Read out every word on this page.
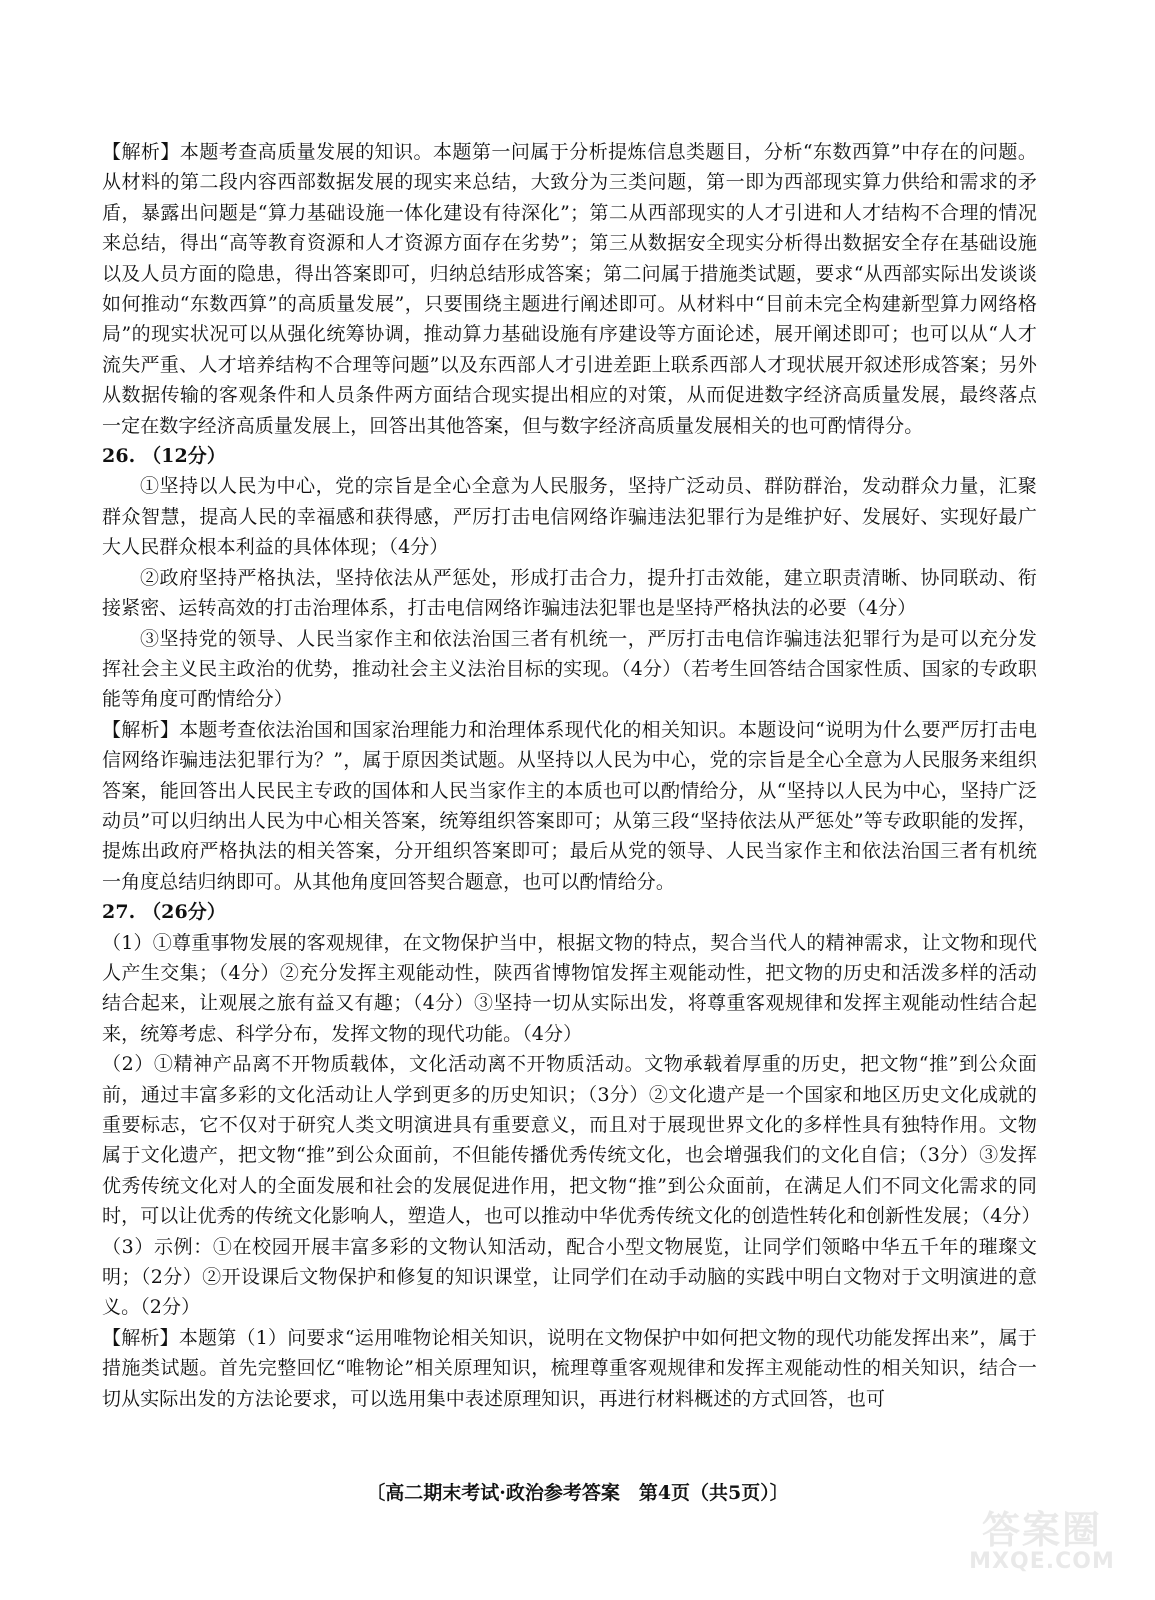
【解析】本题考查高质量发展的知识。本题第一问属于分析提炼信息类题目，分析“东数西算”中存在的问题。从材料的第二段内容西部数据发展的现实来总结，大致分为三类问题，第一即为西部现实算力供给和需求的矛盾，暴露出问题是“算力基础设施一体化建设有待深化”；第二从西部现实的人才引进和人才结构不合理的情况来总结，得出“高等教育资源和人才资源方面存在劣势”；第三从数据安全现实分析得出数据安全存在基础设施以及人员方面的隐患，得出答案即可，归纳总结形成答案；第二问属于措施类试题，要求“从西部实际出发谈谈如何推动“东数西算”的高质量发展”，只要围绕主题进行阐述即可。从材料中“目前未完全构建新型算力网络格局”的现实状况可以从强化统筹协调，推动算力基础设施有序建设等方面论述，展开阐述即可；也可以从“人才流失严重、人才培养结构不合理等问题”以及东西部人才引进差距上联系西部人才现状展开叙述形成答案；另外从数据传输的客观条件和人员条件两方面结合现实提出相应的对策，从而促进数字经济高质量发展，最终落点一定在数字经济高质量发展上，回答出其他答案，但与数字经济高质量发展相关的也可酌情得分。

26. （12分）

①坚持以人民为中心，党的宗旨是全心全意为人民服务，坚持广泛动员、群防群治，发动群众力量，汇聚群众智慧，提高人民的幸福感和获得感，严厉打击电信网络诈骗违法犯罪行为是维护好、发展好、实现好最广大人民群众根本利益的具体体现；（4分）

②政府坚持严格执法，坚持依法从严惩处，形成打击合力，提升打击效能，建立职责清晰、协同联动、衔接紧密、运转高效的打击治理体系，打击电信网络诈骗违法犯罪也是坚持严格执法的必要（4分）

③坚持党的领导、人民当家作主和依法治国三者有机统一，严厉打击电信诈骗违法犯罪行为是可以充分发挥社会主义民主政治的优势，推动社会主义法治目标的实现。（4分）（若考生回答结合国家性质、国家的专政职能等角度可酌情给分）

【解析】本题考查依法治国和国家治理能力和治理体系现代化的相关知识。本题设问“说明为什么要严厉打击电信网络诈骗违法犯罪行为？”，属于原因类试题。从坚持以人民为中心，党的宗旨是全心全意为人民服务来组织答案，能回答出人民民主专政的国体和人民当家作主的本质也可以酌情给分，从“坚持以人民为中心，坚持广泛动员”可以归纳出人民为中心相关答案，统筹组织答案即可；从第三段“坚持依法从严惩处”等专政职能的发挥，提炼出政府严格执法的相关答案，分开组织答案即可；最后从党的领导、人民当家作主和依法治国三者有机统一角度总结归纳即可。从其他角度回答契合题意，也可以酌情给分。

27. （26分）

（1）①尊重事物发展的客观规律，在文物保护当中，根据文物的特点，契合当代人的精神需求，让文物和现代人产生交集；（4分）②充分发挥主观能动性，陕西省博物馆发挥主观能动性，把文物的历史和活泼多样的活动结合起来，让观展之旅有益又有趣；（4分）③坚持一切从实际出发，将尊重客观规律和发挥主观能动性结合起来，统筹考虑、科学分布，发挥文物的现代功能。（4分）

（2）①精神产品离不开物质载体，文化活动离不开物质活动。文物承载着厚重的历史，把文物“推”到公众面前，通过丰富多彩的文化活动让人学到更多的历史知识；（3分）②文化遗产是一个国家和地区历史文化成就的重要标志，它不仅对于研究人类文明演进具有重要意义，而且对于展现世界文化的多样性具有独特作用。文物属于文化遗产，把文物“推”到公众面前，不但能传播优秀传统文化，也会增强我们的文化自信；（3分）③发挥优秀传统文化对人的全面发展和社会的发展促进作用，把文物“推”到公众面前，在满足人们不同文化需求的同时，可以让优秀的传统文化影响人，塑造人，也可以推动中华优秀传统文化的创造性转化和创新性发展；（4分）

（3）示例：①在校园开展丰富多彩的文物认知活动，配合小型文物展览，让同学们领略中华五千年的璀璨文明；（2分）②开设课后文物保护和修复的知识课堂，让同学们在动手动脑的实践中明白文物对于文明演进的意义。（2分）

【解析】本题第（1）问要求“运用唯物论相关知识，说明在文物保护中如何把文物的现代功能发挥出来”，属于措施类试题。首先完整回忆“唯物论”相关原理知识，梳理尊重客观规律和发挥主观能动性的相关知识，结合一切从实际出发的方法论要求，可以选用集中表述原理知识，再进行材料概述的方式回答，也可

〔高二期末考试·政治参考答案　第4页（共5页）〕
答案圈
MXQE.COM
